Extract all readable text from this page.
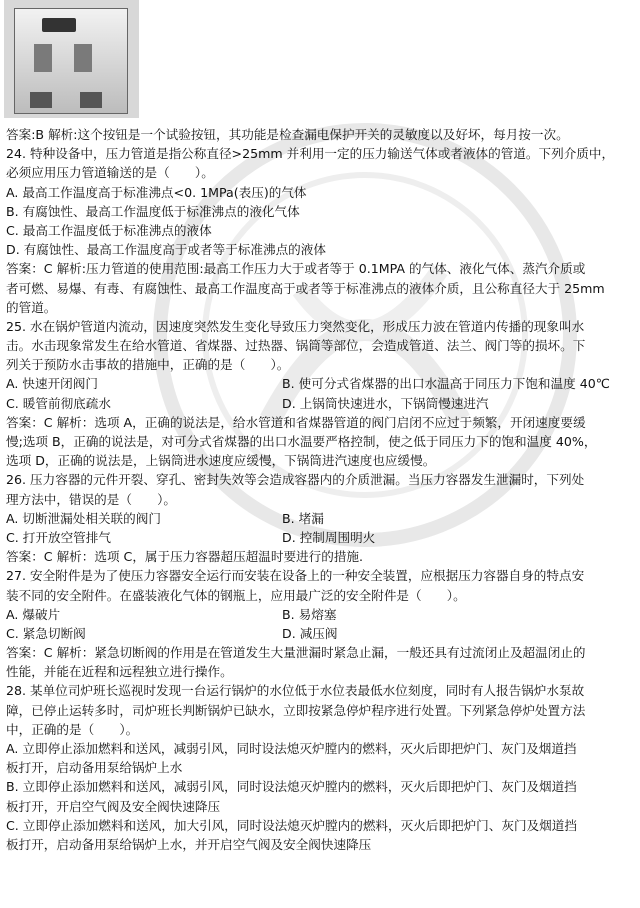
答案:B 解析:这个按钮是一个试验按钮，其功能是检查漏电保护开关的灵敏度以及好坏，每月按一次。
24. 特种设备中，压力管道是指公称直径>25mm 并利用一定的压力输送气体或者液体的管道。下列介质中，
必须应用压力管道输送的是（　　）。
A. 最高工作温度高于标准沸点<0. 1MPa(表压)的气体
B. 有腐蚀性、最高工作温度低于标准沸点的液化气体
C. 最高工作温度低于标准沸点的液体
D. 有腐蚀性、最高工作温度高于或者等于标准沸点的液体
答案：C 解析:压力管道的使用范围:最高工作压力大于或者等于 0.1MPA 的气体、液化气体、蒸汽介质或
者可燃、易爆、有毒、有腐蚀性、最高工作温度高于或者等于标准沸点的液体介质，且公称直径大于 25mm
的管道。
25. 水在锅炉管道内流动，因速度突然发生变化导致压力突然变化，形成压力波在管道内传播的现象叫水
击。水击现象常发生在给水管道、省煤器、过热器、锅筒等部位，会造成管道、法兰、阀门等的损坏。下
列关于预防水击事故的措施中，正确的是（　　）。
A. 快速开闭阀门	B. 使可分式省煤器的出口水温高于同压力下饱和温度 40℃
C. 暖管前彻底疏水	D. 上锅筒快速进水，下锅筒慢速进汽
答案：C 解析：选项 A，正确的说法是，给水管道和省煤器管道的阀门启闭不应过于频繁，开闭速度要缓
慢;选项 B，正确的说法是，对可分式省煤器的出口水温要严格控制，使之低于同压力下的饱和温度 40%，
选项 D，正确的说法是，上锅筒进水速度应缓慢，下锅筒进汽速度也应缓慢。
26. 压力容器的元件开裂、穿孔、密封失效等会造成容器内的介质泄漏。当压力容器发生泄漏时，下列处
理方法中，错误的是（　　）。
A. 切断泄漏处相关联的阀门	B. 堵漏
C. 打开放空管排气	D. 控制周围明火
答案：C 解析：选项 C，属于压力容器超压超温时要进行的措施.
27. 安全附件是为了使压力容器安全运行而安装在设备上的一种安全装置，应根据压力容器自身的特点安
装不同的安全附件。在盛装液化气体的钢瓶上，应用最广泛的安全附件是（　　）。
A. 爆破片	B. 易熔塞
C. 紧急切断阀	D. 减压阀
答案：C 解析：紧急切断阀的作用是在管道发生大量泄漏时紧急止漏，一般还具有过流闭止及超温闭止的
性能，并能在近程和远程独立进行操作。
28. 某单位司炉班长巡视时发现一台运行锅炉的水位低于水位表最低水位刻度，同时有人报告锅炉水泵故
障，已停止运转多时，司炉班长判断锅炉已缺水，立即按紧急停炉程序进行处置。下列紧急停炉处置方法
中，正确的是（　　）。
A. 立即停止添加燃料和送风，减弱引风，同时设法熄灭炉膛内的燃料，灭火后即把炉门、灰门及烟道挡
板打开，启动备用泵给锅炉上水
B. 立即停止添加燃料和送风，减弱引风，同时设法熄灭炉膛内的燃料，灭火后即把炉门、灰门及烟道挡
板打开，开启空气阀及安全阀快速降压
C. 立即停止添加燃料和送风，加大引风，同时设法熄灭炉膛内的燃料，灭火后即把炉门、灰门及烟道挡
板打开，启动备用泵给锅炉上水，并开启空气阀及安全阀快速降压
